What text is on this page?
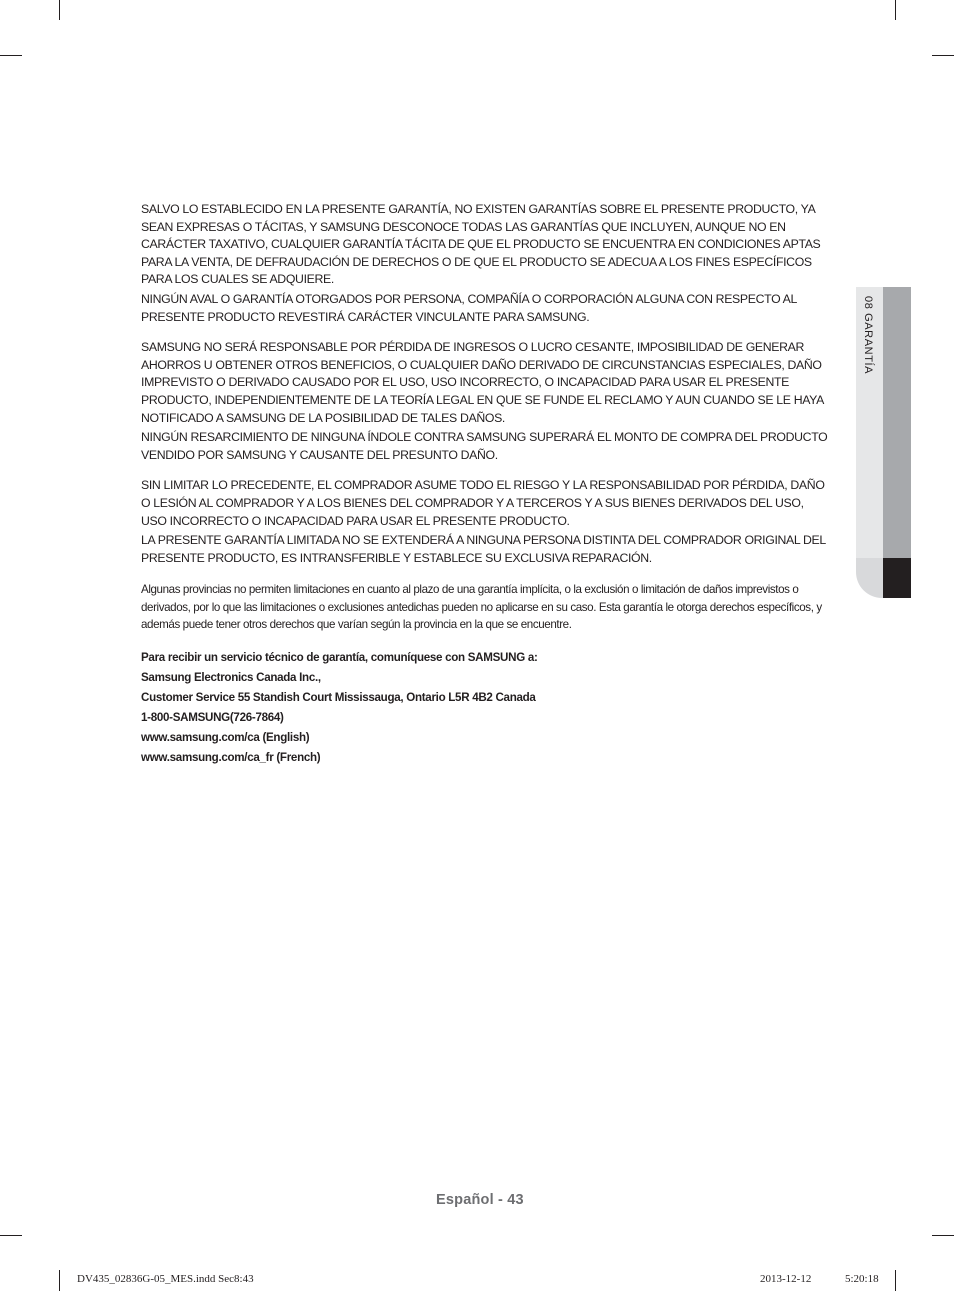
08 GARANTÍA

SALVO LO ESTABLECIDO EN LA PRESENTE GARANTÍA, NO EXISTEN GARANTÍAS SOBRE EL PRESENTE PRODUCTO, YA SEAN EXPRESAS O TÁCITAS, Y SAMSUNG DESCONOCE TODAS LAS GARANTÍAS QUE INCLUYEN, AUNQUE NO EN CARÁCTER TAXATIVO, CUALQUIER GARANTÍA TÁCITA DE QUE EL PRODUCTO SE ENCUENTRA EN CONDICIONES APTAS PARA LA VENTA, DE DEFRAUDACIÓN DE DERECHOS O DE QUE EL PRODUCTO SE ADECUA A LOS FINES ESPECÍFICOS PARA LOS CUALES SE ADQUIERE.

NINGÚN AVAL O GARANTÍA OTORGADOS POR PERSONA, COMPAÑÍA O CORPORACIÓN ALGUNA CON RESPECTO AL PRESENTE PRODUCTO REVESTIRÁ CARÁCTER VINCULANTE PARA SAMSUNG.

SAMSUNG NO SERÁ RESPONSABLE POR PÉRDIDA DE INGRESOS O LUCRO CESANTE, IMPOSIBILIDAD DE GENERAR AHORROS U OBTENER OTROS BENEFICIOS, O CUALQUIER DAÑO DERIVADO DE CIRCUNSTANCIAS ESPECIALES, DAÑO IMPREVISTO O DERIVADO CAUSADO POR EL USO, USO INCORRECTO, O INCAPACIDAD PARA USAR EL PRESENTE PRODUCTO, INDEPENDIENTEMENTE DE LA TEORÍA LEGAL EN QUE SE FUNDE EL RECLAMO Y AUN CUANDO SE LE HAYA NOTIFICADO A SAMSUNG DE LA POSIBILIDAD DE TALES DAÑOS.

NINGÚN RESARCIMIENTO DE NINGUNA ÍNDOLE CONTRA SAMSUNG SUPERARÁ EL MONTO DE COMPRA DEL PRODUCTO VENDIDO POR SAMSUNG Y CAUSANTE DEL PRESUNTO DAÑO.

SIN LIMITAR LO PRECEDENTE, EL COMPRADOR ASUME TODO EL RIESGO Y LA RESPONSABILIDAD POR PÉRDIDA, DAÑO O LESIÓN AL COMPRADOR Y A LOS BIENES DEL COMPRADOR Y A TERCEROS Y A SUS BIENES DERIVADOS DEL USO, USO INCORRECTO O INCAPACIDAD PARA USAR EL PRESENTE PRODUCTO.

LA PRESENTE GARANTÍA LIMITADA NO SE EXTENDERÁ A NINGUNA PERSONA DISTINTA DEL COMPRADOR ORIGINAL DEL PRESENTE PRODUCTO, ES INTRANSFERIBLE Y ESTABLECE SU EXCLUSIVA REPARACIÓN.

Algunas provincias no permiten limitaciones en cuanto al plazo de una garantía implícita, o la exclusión o limitación de daños imprevistos o derivados, por lo que las limitaciones o exclusiones antedichas pueden no aplicarse en su caso. Esta garantía le otorga derechos específicos, y además puede tener otros derechos que varían según la provincia en la que se encuentre.

Para recibir un servicio técnico de garantía, comuníquese con SAMSUNG a:
Samsung Electronics Canada Inc.,
Customer Service 55 Standish Court Mississauga, Ontario L5R 4B2 Canada
1-800-SAMSUNG(726-7864)
www.samsung.com/ca (English)
www.samsung.com/ca_fr (French)
Español - 43
DV435_02836G-05_MES.indd Sec8:43	2013-12-12	5:20:18
